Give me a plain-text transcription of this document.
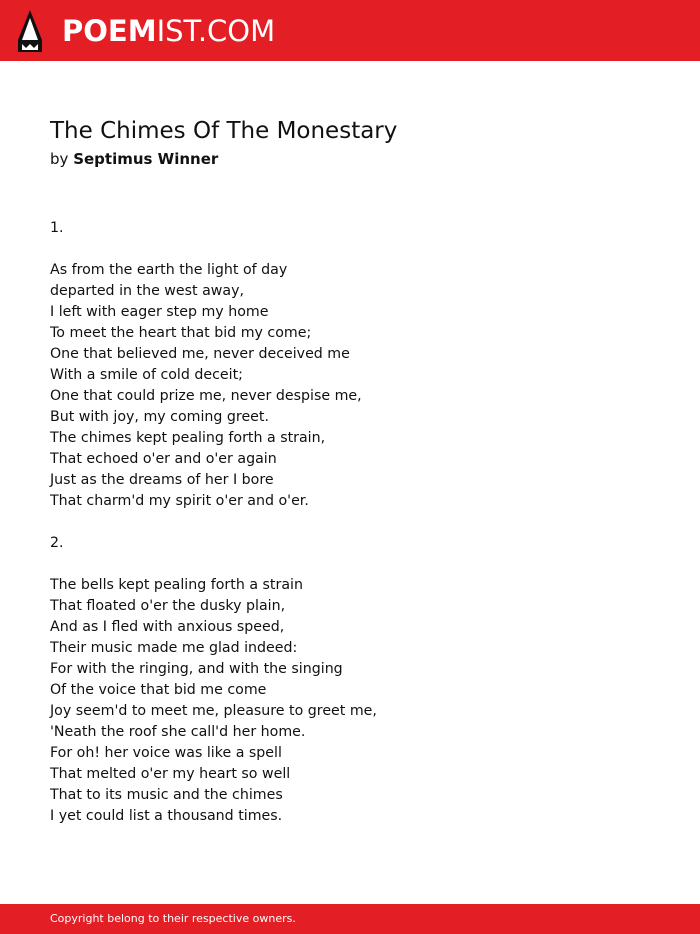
POEMIST.COM
The Chimes Of The Monestary
by Septimus Winner
1.
As from the earth the light of day
departed in the west away,
I left with eager step my home
To meet the heart that bid my come;
One that believed me, never deceived me
With a smile of cold deceit;
One that could prize me, never despise me,
But with joy, my coming greet.
The chimes kept pealing forth a strain,
That echoed o'er and o'er again
Just as the dreams of her I bore
That charm'd my spirit o'er and o'er.
2.
The bells kept pealing forth a strain
That floated o'er the dusky plain,
And as I fled with anxious speed,
Their music made me glad indeed:
For with the ringing, and with the singing
Of the voice that bid me come
Joy seem'd to meet me, pleasure to greet me,
'Neath the roof she call'd her home.
For oh! her voice was like a spell
That melted o'er my heart so well
That to its music and the chimes
I yet could list a thousand times.
Copyright belong to their respective owners.
